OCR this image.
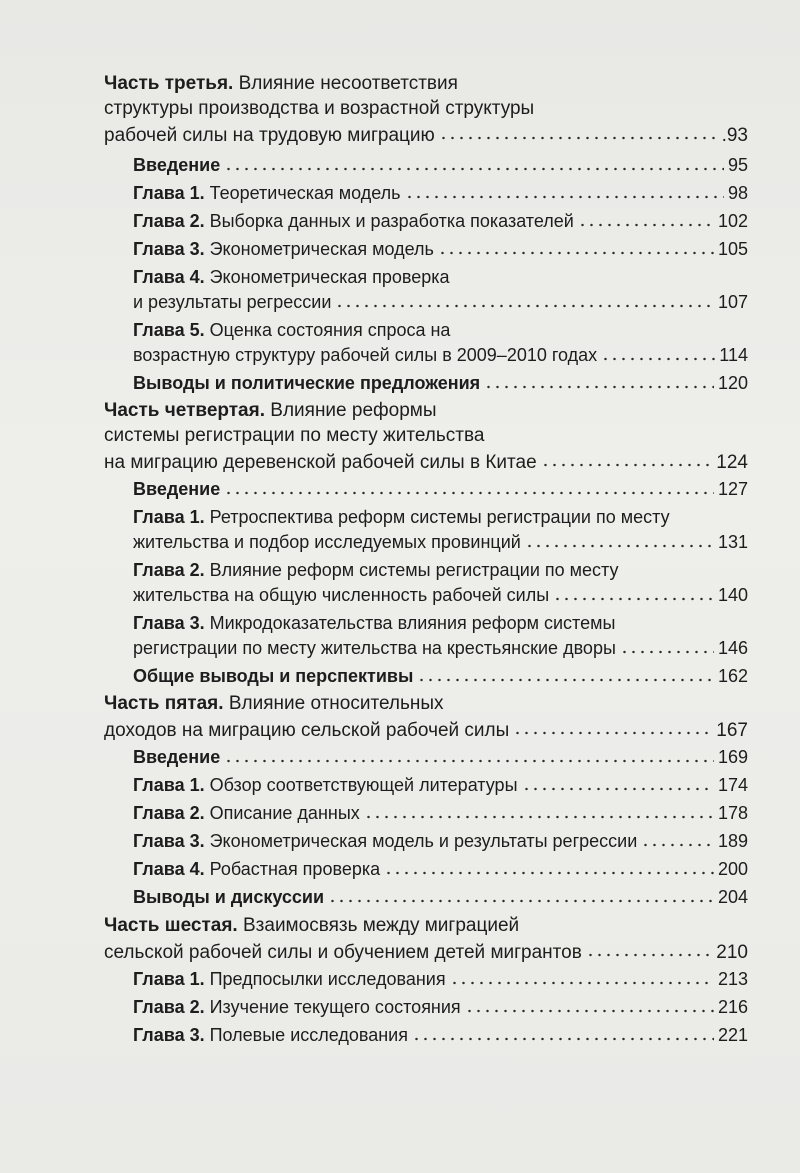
Часть третья. Влияние несоответствия
структуры производства и возрастной структуры
рабочей силы на трудовую миграцию	.93
Введение	95
Глава 1. Теоретическая модель	98
Глава 2. Выборка данных и разработка показателей	102
Глава 3. Эконометрическая модель	105
Глава 4. Эконометрическая проверка
и результаты регрессии	107
Глава 5. Оценка состояния спроса на
возрастную структуру рабочей силы в 2009–2010 годах	114
Выводы и политические предложения	120
Часть четвертая. Влияние реформы
системы регистрации по месту жительства
на миграцию деревенской рабочей силы в Китае	124
Введение	127
Глава 1. Ретроспектива реформ системы регистрации по месту
жительства и подбор исследуемых провинций	131
Глава 2. Влияние реформ системы регистрации по месту
жительства на общую численность рабочей силы	140
Глава 3. Микродоказательства влияния реформ системы
регистрации по месту жительства на крестьянские дворы	146
Общие выводы и перспективы	162
Часть пятая. Влияние относительных
доходов на миграцию сельской рабочей силы	167
Введение	169
Глава 1. Обзор соответствующей литературы	174
Глава 2. Описание данных	178
Глава 3. Эконометрическая модель и результаты регрессии	189
Глава 4. Робастная проверка	200
Выводы и дискуссии	204
Часть шестая. Взаимосвязь между миграцией
сельской рабочей силы и обучением детей мигрантов	210
Глава 1. Предпосылки исследования	213
Глава 2. Изучение текущего состояния	216
Глава 3. Полевые исследования	221
